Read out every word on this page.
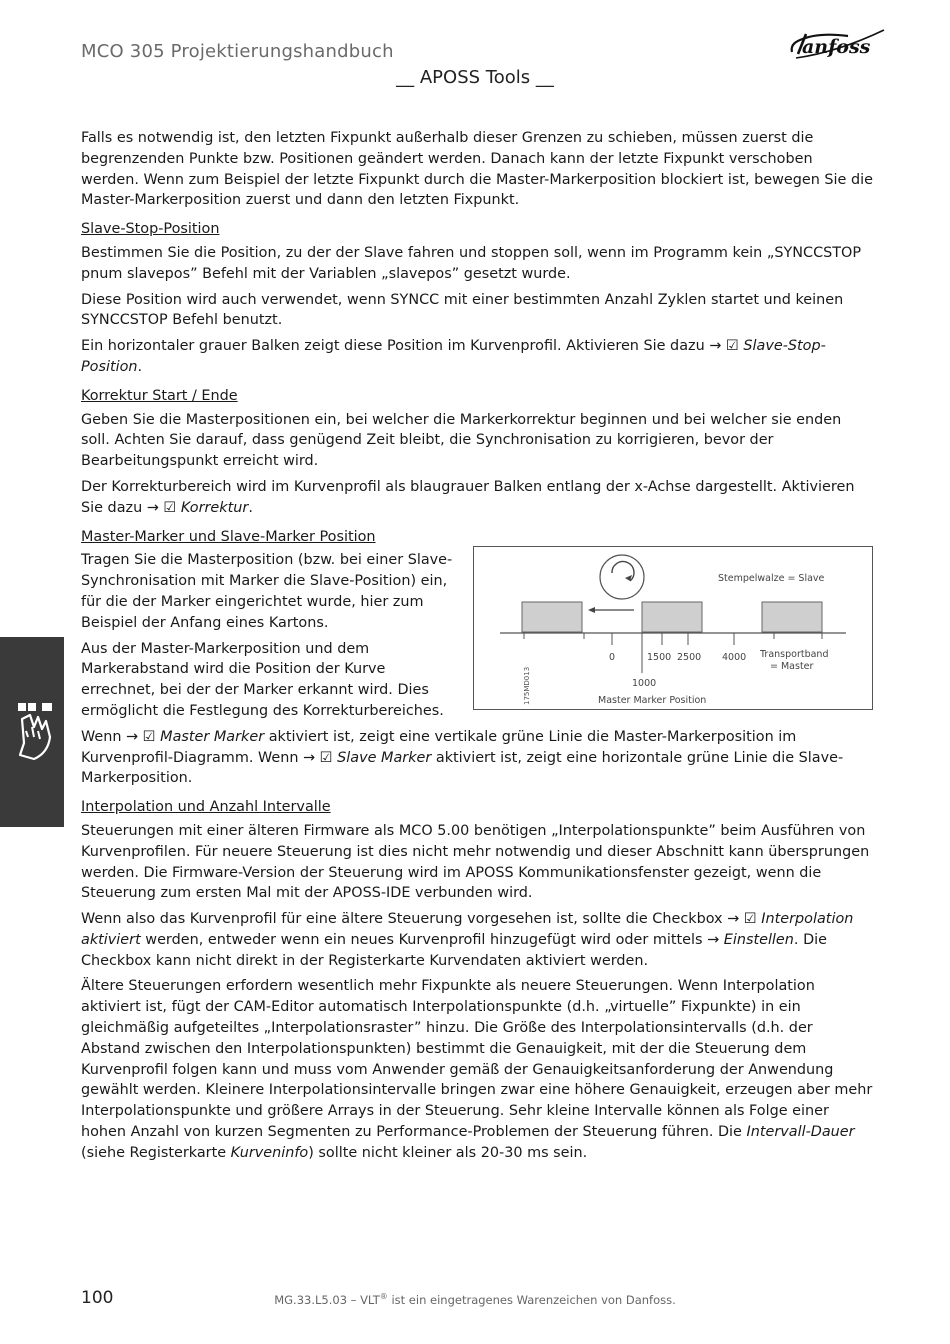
MCO 305 Projektierungshandbuch	anfoss
__ APOSS Tools __

Falls es notwendig ist, den letzten Fixpunkt außerhalb dieser Grenzen zu schieben, müssen zuerst die begrenzenden Punkte bzw. Positionen geändert werden. Danach kann der letzte Fixpunkt verschoben werden. Wenn zum Beispiel der letzte Fixpunkt durch die Master-Markerposition blockiert ist, bewegen Sie die Master-Markerposition zuerst und dann den letzten Fixpunkt.

Slave-Stop-Position

Bestimmen Sie die Position, zu der der Slave fahren und stoppen soll, wenn im Programm kein „SYNCCSTOP pnum slavepos” Befehl mit der Variablen „slavepos” gesetzt wurde.

Diese Position wird auch verwendet, wenn SYNCC mit einer bestimmten Anzahl Zyklen startet und keinen SYNCCSTOP Befehl benutzt.

Ein horizontaler grauer Balken zeigt diese Position im Kurvenprofil. Aktivieren Sie dazu → ☑ Slave-Stop-Position.

Korrektur Start / Ende

Geben Sie die Masterpositionen ein, bei welcher die Markerkorrektur beginnen und bei welcher sie enden soll. Achten Sie darauf, dass genügend Zeit bleibt, die Synchronisation zu korrigieren, bevor der Bearbeitungspunkt erreicht wird.

Der Korrekturbereich wird im Kurvenprofil als blaugrauer Balken entlang der x-Achse dargestellt. Aktivieren Sie dazu → ☑ Korrektur.

Master-Marker und Slave-Marker Position

Tragen Sie die Masterposition (bzw. bei einer Slave-Synchronisation mit Marker die Slave-Position) ein, für die der Marker eingerichtet wurde, hier zum Beispiel der Anfang eines Kartons.

Aus der Master-Markerposition und dem Markerabstand wird die Position der Kurve errechnet, bei der der Marker erkannt wird. Dies ermöglicht die Festlegung des Korrekturbereiches.

Stempelwalze = Slave
Transportband
= Master
0	1500 2500 4000
1000
Master Marker Position
175MD013

Wenn → ☑ Master Marker aktiviert ist, zeigt eine vertikale grüne Linie die Master-Markerposition im Kurvenprofil-Diagramm. Wenn → ☑ Slave Marker aktiviert ist, zeigt eine horizontale grüne Linie die Slave-Markerposition.

Interpolation und Anzahl Intervalle

Steuerungen mit einer älteren Firmware als MCO 5.00 benötigen „Interpolationspunkte” beim Ausführen von Kurvenprofilen. Für neuere Steuerung ist dies nicht mehr notwendig und dieser Abschnitt kann übersprungen werden. Die Firmware-Version der Steuerung wird im APOSS Kommunikationsfenster gezeigt, wenn die Steuerung zum ersten Mal mit der APOSS-IDE verbunden wird.

Wenn also das Kurvenprofil für eine ältere Steuerung vorgesehen ist, sollte die Checkbox → ☑ Interpolation aktiviert werden, entweder wenn ein neues Kurvenprofil hinzugefügt wird oder mittels → Einstellen. Die Checkbox kann nicht direkt in der Registerkarte Kurvendaten aktiviert werden.

Ältere Steuerungen erfordern wesentlich mehr Fixpunkte als neuere Steuerungen. Wenn Interpolation aktiviert ist, fügt der CAM-Editor automatisch Interpolationspunkte (d.h. „virtuelle” Fixpunkte) in ein gleichmäßig aufgeteiltes „Interpolationsraster” hinzu. Die Größe des Interpolationsintervalls (d.h. der Abstand zwischen den Interpolationspunkten) bestimmt die Genauigkeit, mit der die Steuerung dem Kurvenprofil folgen kann und muss vom Anwender gemäß der Genauigkeitsanforderung der Anwendung gewählt werden. Kleinere Interpolationsintervalle bringen zwar eine höhere Genauigkeit, erzeugen aber mehr Interpolationspunkte und größere Arrays in der Steuerung. Sehr kleine Intervalle können als Folge einer hohen Anzahl von kurzen Segmenten zu Performance-Problemen der Steuerung führen. Die Intervall-Dauer (siehe Registerkarte Kurveninfo) sollte nicht kleiner als 20-30 ms sein.

100	MG.33.L5.03 – VLT® ist ein eingetragenes Warenzeichen von Danfoss.
